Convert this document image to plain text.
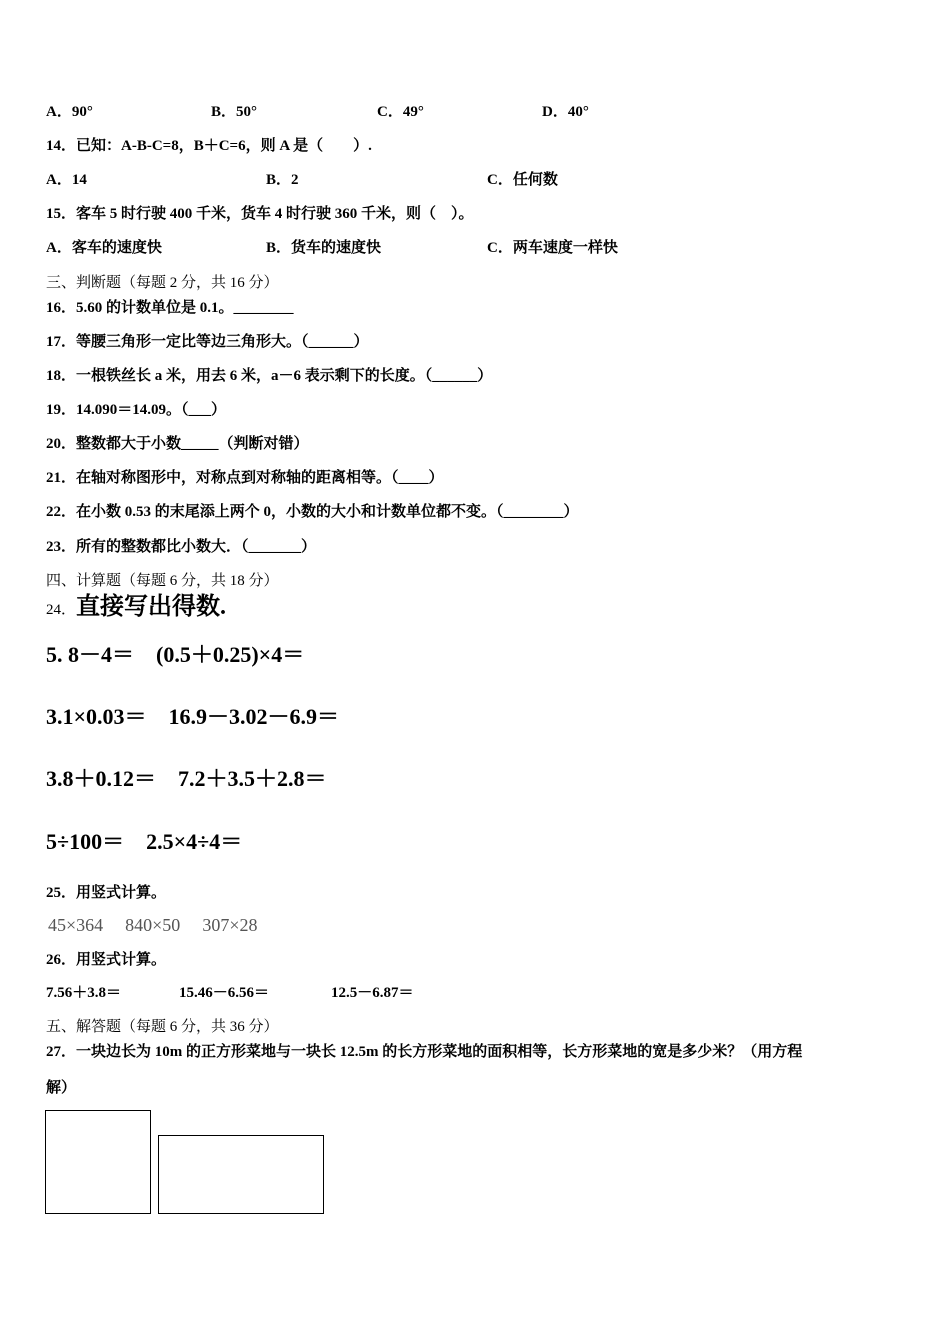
A．90°	B．50°	C．49°	D．40°
14．已知：A-B-C=8，B＋C=6，则 A 是（　　）.
A．14	B．2	C．任何数
15．客车 5 时行驶 400 千米，货车 4 时行驶 360 千米，则（　）。
A．客车的速度快	B．货车的速度快	C．两车速度一样快
三、判断题（每题 2 分，共 16 分）
16．5.60 的计数单位是 0.1。________
17．等腰三角形一定比等边三角形大。（______）
18．一根铁丝长 a 米，用去 6 米，a－6 表示剩下的长度。（______）
19．14.090＝14.09。（___）
20．整数都大于小数_____（判断对错）
21．在轴对称图形中，对称点到对称轴的距离相等。（____）
22．在小数 0.53 的末尾添上两个 0，小数的大小和计数单位都不变。（________）
23．所有的整数都比小数大．（_______）
四、计算题（每题 6 分，共 18 分）
24．直接写出得数.
5. 8－4＝ (0.5＋0.25)×4＝
3.1×0.03＝ 16.9－3.02－6.9＝
3.8＋0.12＝ 7.2＋3.5＋2.8＝
5÷100＝ 2.5×4÷4＝
25．用竖式计算。
45×364 840×50 307×28
26．用竖式计算。
7.56＋3.8＝	15.46－6.56＝	12.5－6.87＝
五、解答题（每题 6 分，共 36 分）
27．一块边长为 10m 的正方形菜地与一块长 12.5m 的长方形菜地的面积相等，长方形菜地的宽是多少米？（用方程
解）
